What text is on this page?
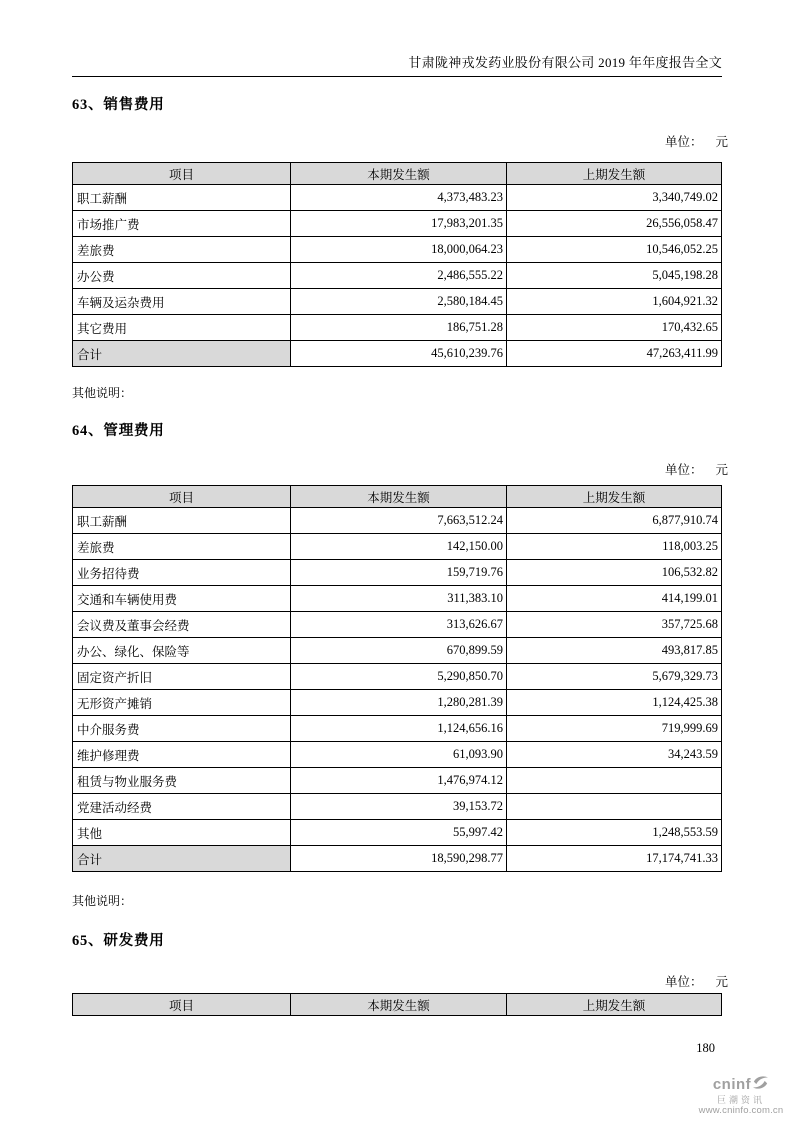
甘肃陇神戎发药业股份有限公司 2019 年年度报告全文
63、销售费用
单位： 元
项目	本期发生额	上期发生额
职工薪酬	4,373,483.23	3,340,749.02
市场推广费	17,983,201.35	26,556,058.47
差旅费	18,000,064.23	10,546,052.25
办公费	2,486,555.22	5,045,198.28
车辆及运杂费用	2,580,184.45	1,604,921.32
其它费用	186,751.28	170,432.65
合计	45,610,239.76	47,263,411.99
其他说明：
64、管理费用
单位： 元
项目	本期发生额	上期发生额
职工薪酬	7,663,512.24	6,877,910.74
差旅费	142,150.00	118,003.25
业务招待费	159,719.76	106,532.82
交通和车辆使用费	311,383.10	414,199.01
会议费及董事会经费	313,626.67	357,725.68
办公、绿化、保险等	670,899.59	493,817.85
固定资产折旧	5,290,850.70	5,679,329.73
无形资产摊销	1,280,281.39	1,124,425.38
中介服务费	1,124,656.16	719,999.69
维护修理费	61,093.90	34,243.59
租赁与物业服务费	1,476,974.12	
党建活动经费	39,153.72	
其他	55,997.42	1,248,553.59
合计	18,590,298.77	17,174,741.33
其他说明：
65、研发费用
单位： 元
项目	本期发生额	上期发生额
180
cninf
巨潮资讯
www.cninfo.com.cn
